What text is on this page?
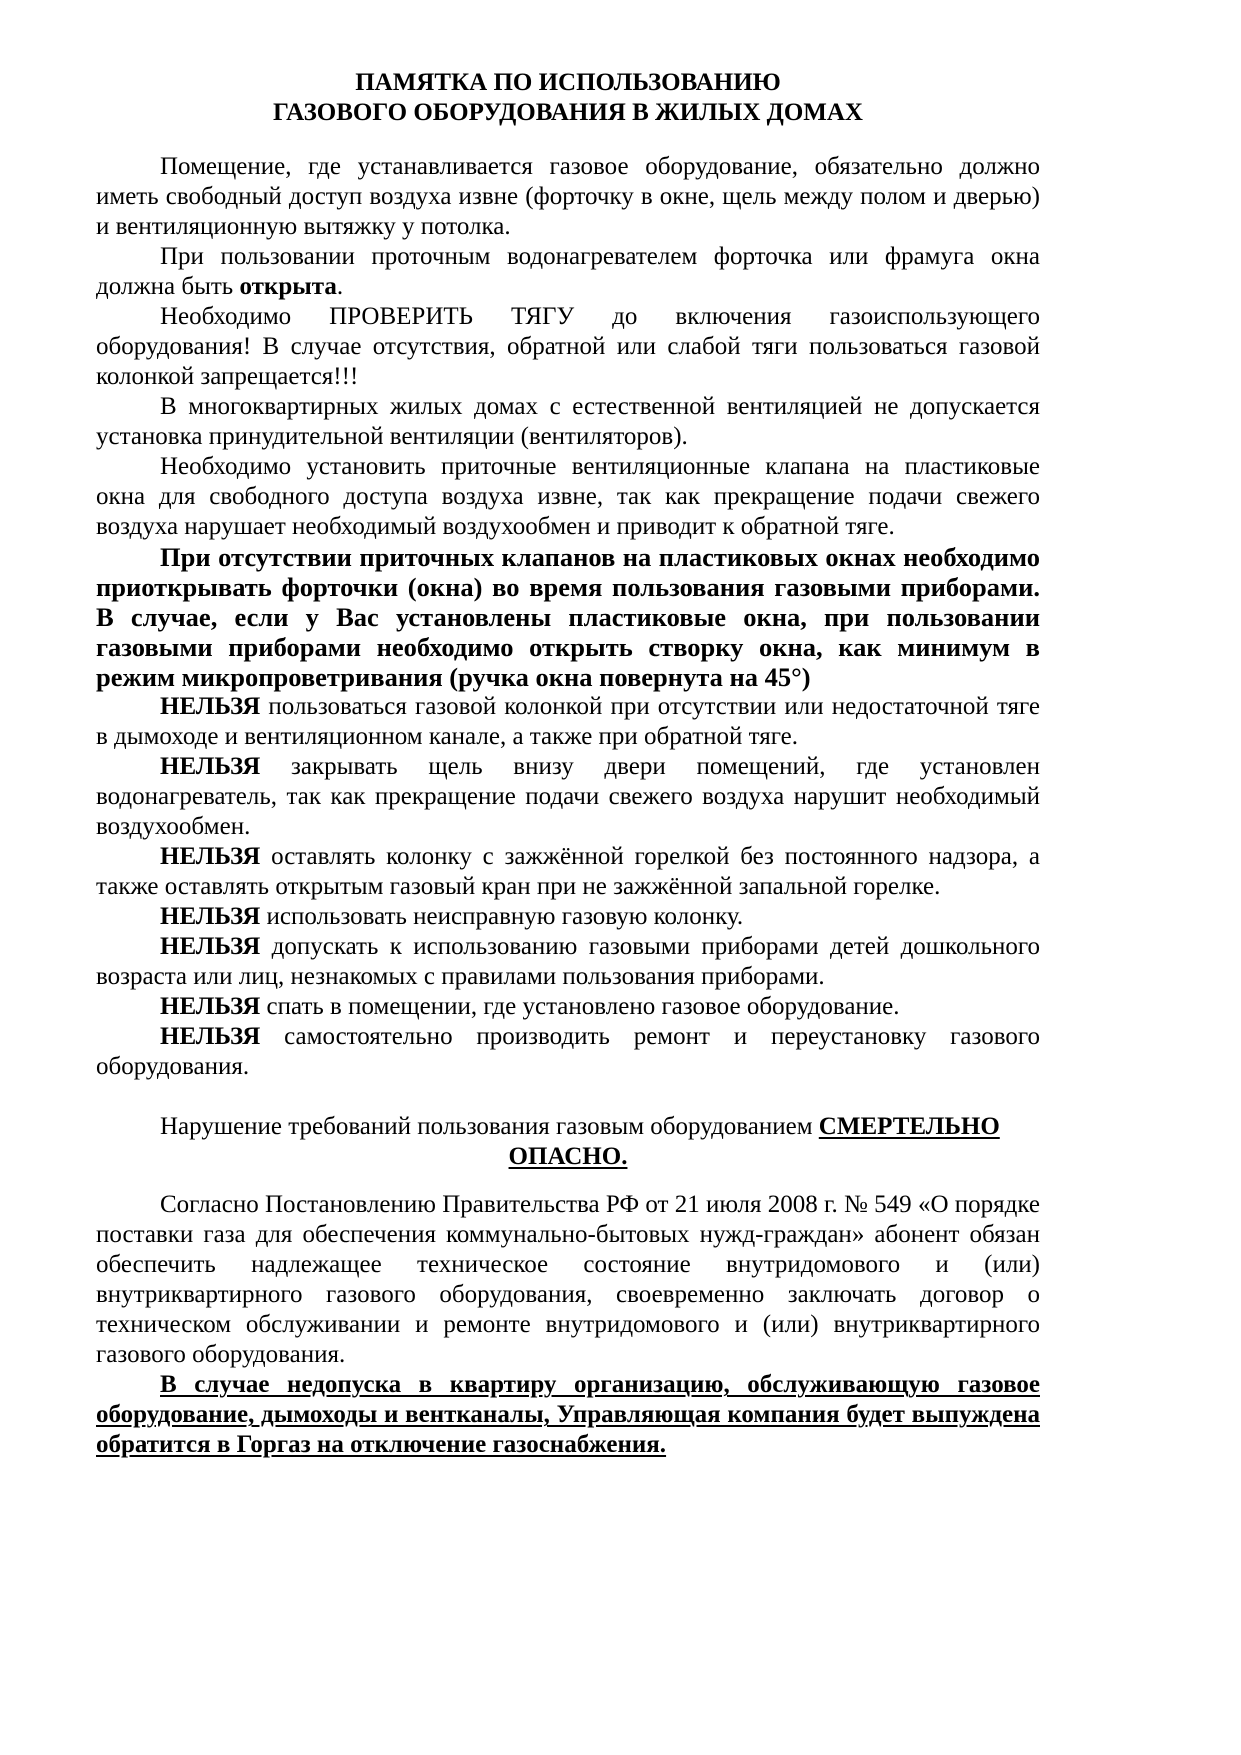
ПАМЯТКА ПО ИСПОЛЬЗОВАНИЮ
ГАЗОВОГО ОБОРУДОВАНИЯ В ЖИЛЫХ ДОМАХ

Помещение, где устанавливается газовое оборудование, обязательно должно иметь свободный доступ воздуха извне (форточку в окне, щель между полом и дверью) и вентиляционную вытяжку у потолка.

При пользовании проточным водонагревателем форточка или фрамуга окна должна быть открыта.

Необходимо ПРОВЕРИТЬ ТЯГУ до включения газоиспользующего оборудования! В случае отсутствия, обратной или слабой тяги пользоваться газовой колонкой запрещается!!!

В многоквартирных жилых домах с естественной вентиляцией не допускается установка принудительной вентиляции (вентиляторов).

Необходимо установить приточные вентиляционные клапана на пластиковые окна для свободного доступа воздуха извне, так как прекращение подачи свежего воздуха нарушает необходимый воздухообмен и приводит к обратной тяге.

При отсутствии приточных клапанов на пластиковых окнах необходимо приоткрывать форточки (окна) во время пользования газовыми приборами. В случае, если у Вас установлены пластиковые окна, при пользовании газовыми приборами необходимо открыть створку окна, как минимум в режим микропроветривания (ручка окна повернута на 45°)

НЕЛЬЗЯ пользоваться газовой колонкой при отсутствии или недостаточной тяге в дымоходе и вентиляционном канале, а также при обратной тяге.

НЕЛЬЗЯ закрывать щель внизу двери помещений, где установлен водонагреватель, так как прекращение подачи свежего воздуха нарушит необходимый воздухообмен.

НЕЛЬЗЯ оставлять колонку с зажжённой горелкой без постоянного надзора, а также оставлять открытым газовый кран при не зажжённой запальной горелке.

НЕЛЬЗЯ использовать неисправную газовую колонку.

НЕЛЬЗЯ допускать к использованию газовыми приборами детей дошкольного возраста или лиц, незнакомых с правилами пользования приборами.

НЕЛЬЗЯ спать в помещении, где установлено газовое оборудование.

НЕЛЬЗЯ самостоятельно производить ремонт и переустановку газового оборудования.

Нарушение требований пользования газовым оборудованием СМЕРТЕЛЬНО

ОПАСНО.

Согласно Постановлению Правительства РФ от 21 июля 2008 г. № 549 «О порядке поставки газа для обеспечения коммунально-бытовых нужд-граждан» абонент обязан обеспечить надлежащее техническое состояние внутридомового и (или) внутриквартирного газового оборудования, своевременно заключать договор о техническом обслуживании и ремонте внутридомового и (или) внутриквартирного газового оборудования.

В случае недопуска в квартиру организацию, обслуживающую газовое оборудование, дымоходы и вентканалы, Управляющая компания будет выпуждена обратится в Горгаз на отключение газоснабжения.
